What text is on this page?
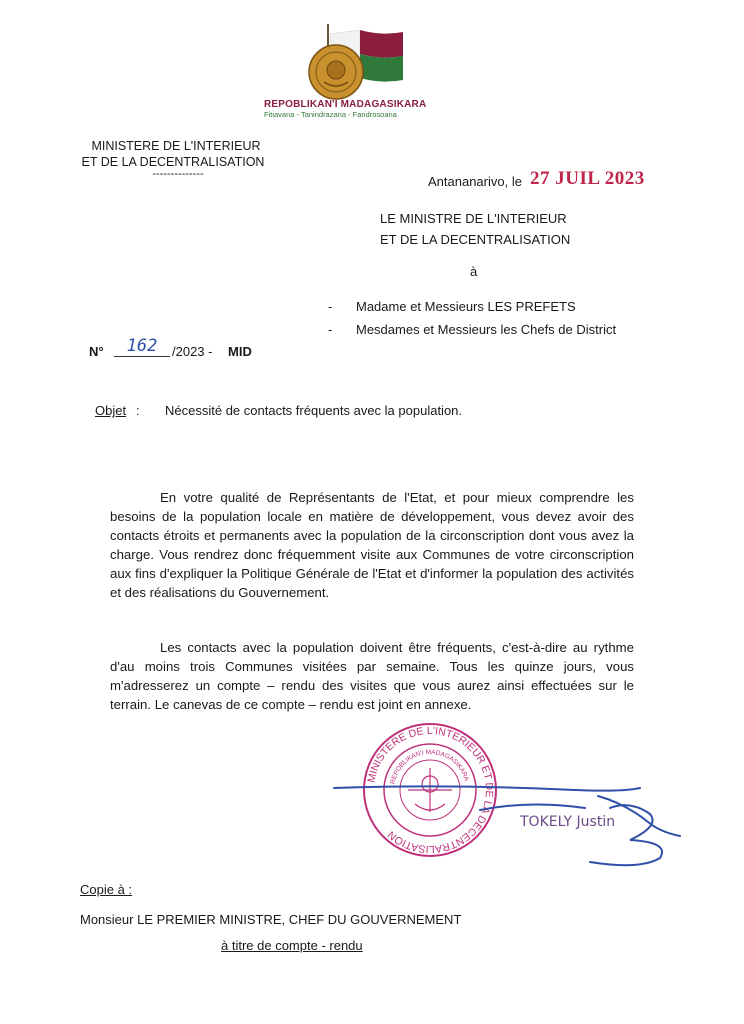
REPOBLIKAN'I MADAGASIKARA
Fitiavana - Tanindrazana - Fandrosoana
MINISTERE DE L'INTERIEUR
ET DE LA DECENTRALISATION
--------------	Antananarivo, le 27 JUIL 2023
LE MINISTRE DE L'INTERIEUR
ET DE LA DECENTRALISATION
à
- Madame et Messieurs LES PREFETS
- Mesdames et Messieurs les Chefs de District
N°	162	/2023 - MID
Objet : Nécessité de contacts fréquents avec la population.
En votre qualité de Représentants de l'Etat, et pour mieux comprendre les besoins de la population locale en matière de développement, vous devez avoir des contacts étroits et permanents avec la population de la circonscription dont vous avez la charge. Vous rendrez donc fréquemment visite aux Communes de votre circonscription aux fins d'expliquer la Politique Générale de l'Etat et d'informer la population des activités et des réalisations du Gouvernement.
Les contacts avec la population doivent être fréquents, c'est-à-dire au rythme d'au moins trois Communes visitées par semaine. Tous les quinze jours, vous m'adresserez un compte – rendu des visites que vous aurez ainsi effectuées sur le terrain. Le canevas de ce compte – rendu est joint en annexe.
MINISTERE DE L'INTERIEUR ET DE LA DECENTRALISATION
REPOBLIKAN'I MADAGASIKARA
TOKELY Justin
Copie à :
Monsieur LE PREMIER MINISTRE, CHEF DU GOUVERNEMENT
à titre de compte - rendu
